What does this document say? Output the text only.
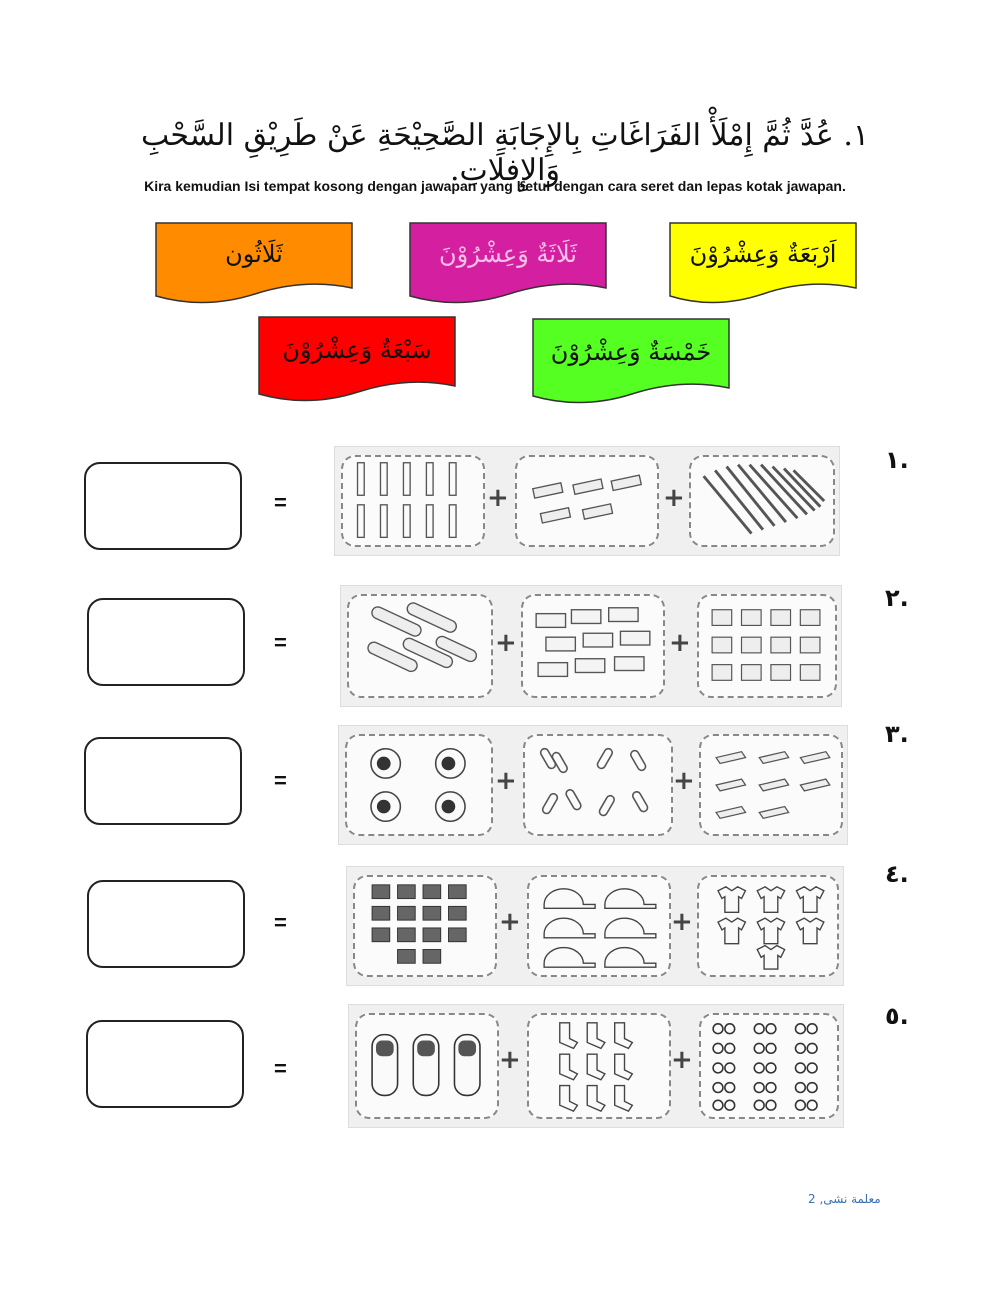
١. عُدَّ ثُمَّ إِمْلَأْ الفَرَاغَاتِ بِالإِجَابَةِ الصَّحِيْحَةِ عَنْ طَرِيْقِ السَّحْبِ وَالإِفلَاتِ.
Kira kemudian Isi tempat kosong dengan jawapan yang betul dengan cara seret dan lepas kotak jawapan.
ثَلَاثُون	ثَلَاثَةٌ وَعِشْرُوْنَ	اَرْبَعَةٌ وَعِشْرُوْنَ
سَبْعَةٌ وَعِشْرُوْنَ	خَمْسَةٌ وَعِشْرُوْنَ
.١
=	+	+
.٢
=	+	+
.٣
=	+	+
.٤
=	+	+
.٥
=	+	+
2 ,معلمة نشى
